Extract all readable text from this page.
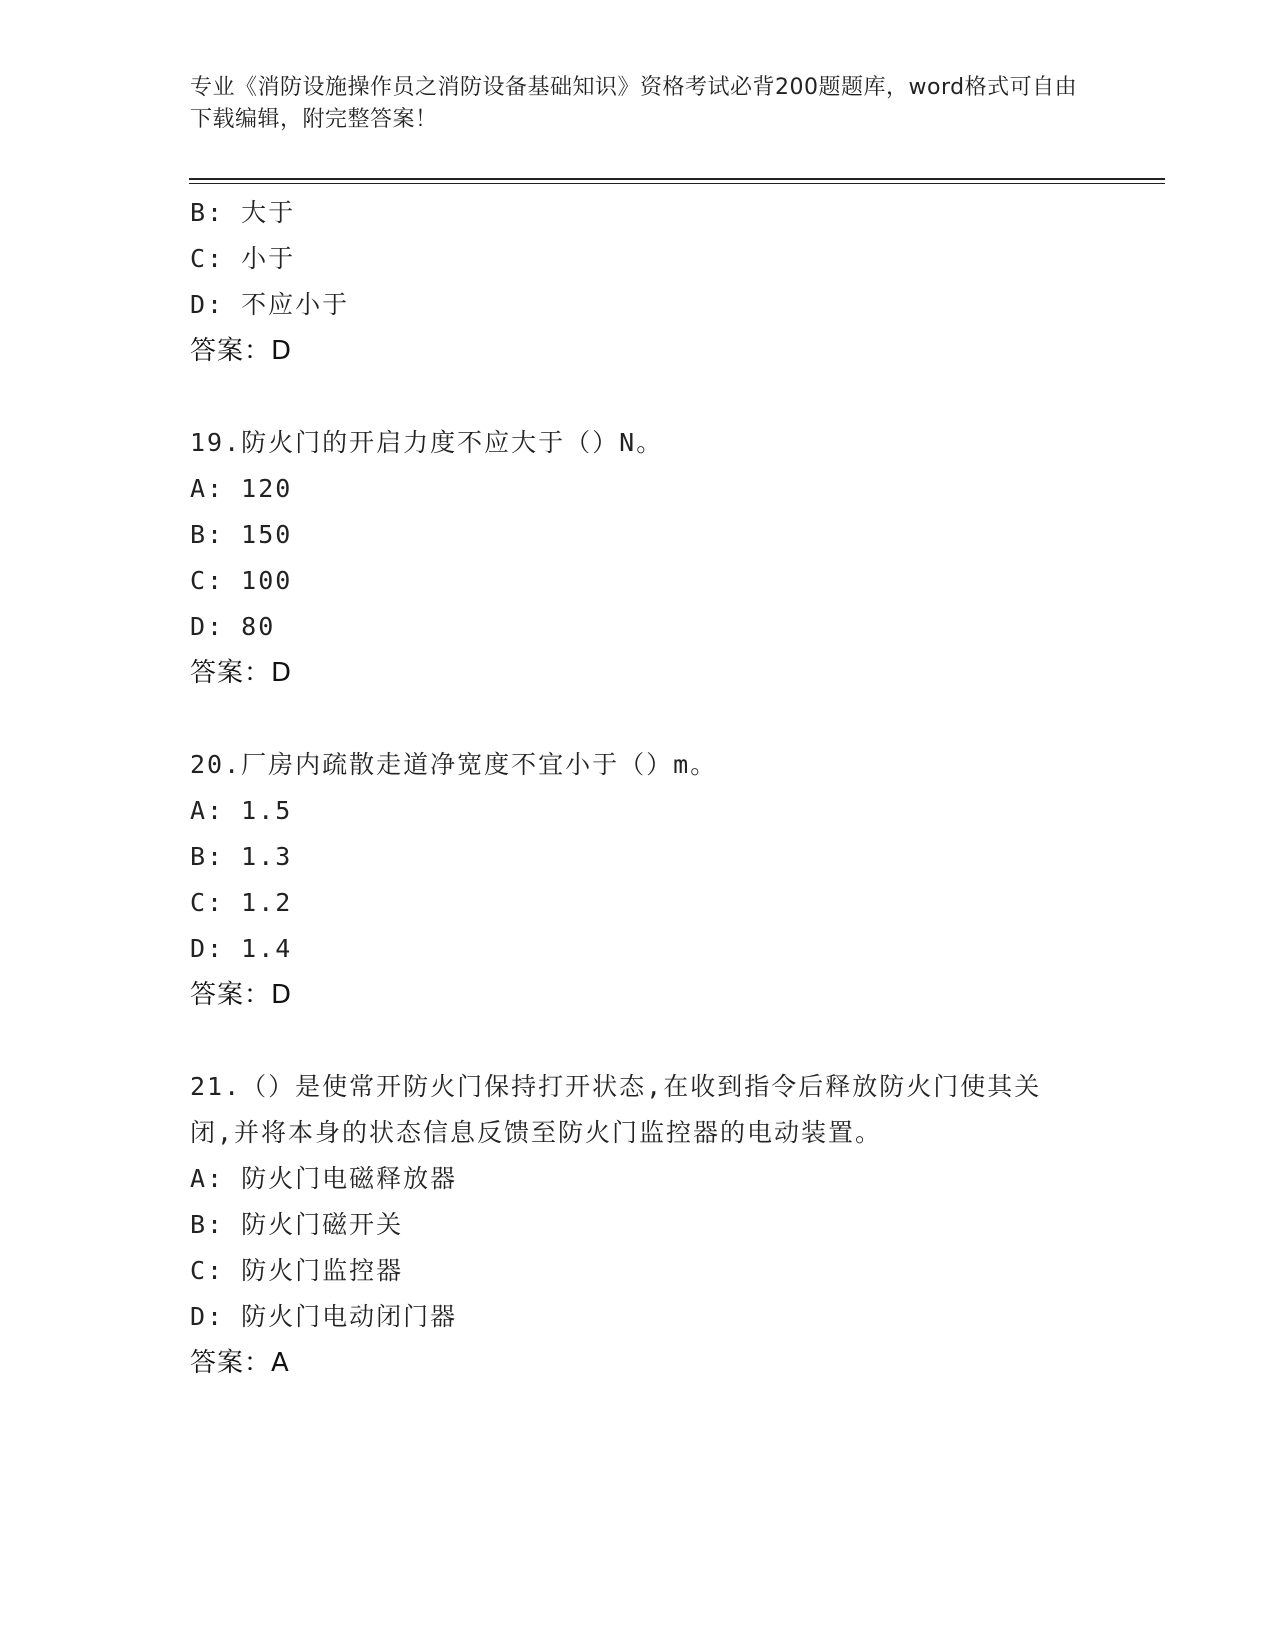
专业《消防设施操作员之消防设备基础知识》资格考试必背200题题库，word格式可自由下载编辑，附完整答案！
B: 大于
C: 小于
D: 不应小于
答案：D
19.防火门的开启力度不应大于（）N。
A: 120
B: 150
C: 100
D: 80
答案：D
20.厂房内疏散走道净宽度不宜小于（）m。
A: 1.5
B: 1.3
C: 1.2
D: 1.4
答案：D
21.（）是使常开防火门保持打开状态,在收到指令后释放防火门使其关闭,并将本身的状态信息反馈至防火门监控器的电动装置。
A: 防火门电磁释放器
B: 防火门磁开关
C: 防火门监控器
D: 防火门电动闭门器
答案：A
